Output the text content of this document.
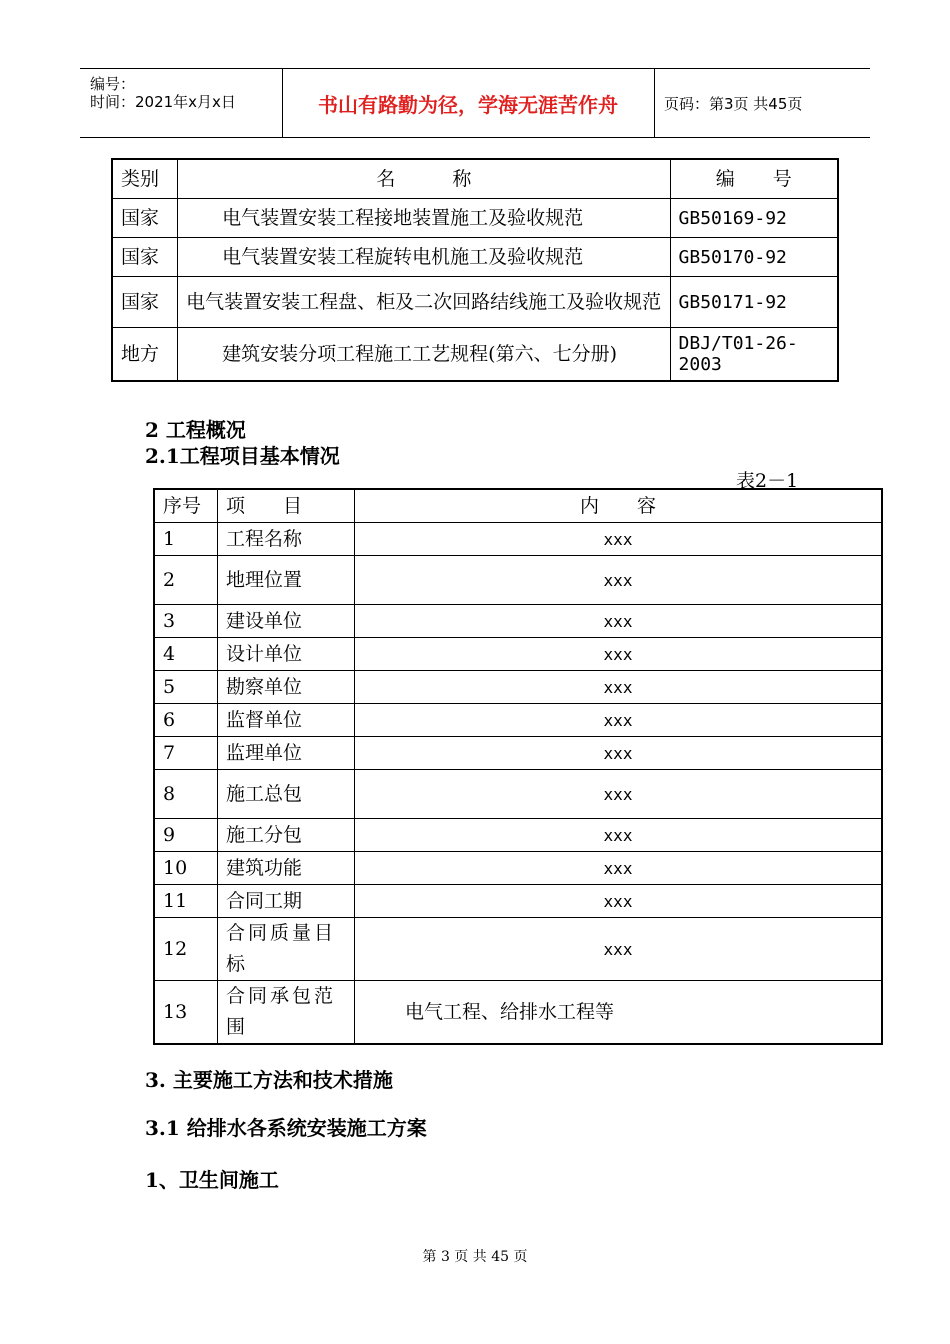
编号：
时间：2021年x月x日	书山有路勤为径，学海无涯苦作舟	页码：第3页 共45页
类别	名　　　称	编　　号
国家	电气装置安装工程接地装置施工及验收规范	GB50169-92
国家	电气装置安装工程旋转电机施工及验收规范	GB50170-92
国家	电气装置安装工程盘、柜及二次回路结线施工及验收规范	GB50171-92
地方	建筑安装分项工程施工工艺规程(第六、七分册)	DBJ/T01-26-2003
2 工程概况
2.1工程项目基本情况
表2－1
序号	项　　目	内　　容
1	工程名称	xxx
2	地理位置	xxx
3	建设单位	xxx
4	设计单位	xxx
5	勘察单位	xxx
6	监督单位	xxx
7	监理单位	xxx
8	施工总包	xxx
9	施工分包	xxx
10	建筑功能	xxx
11	合同工期	xxx
12	合同质量目标	xxx
13	合同承包范围	电气工程、给排水工程等
3. 主要施工方法和技术措施
3.1 给排水各系统安装施工方案
1、卫生间施工
第 3 页 共 45 页
